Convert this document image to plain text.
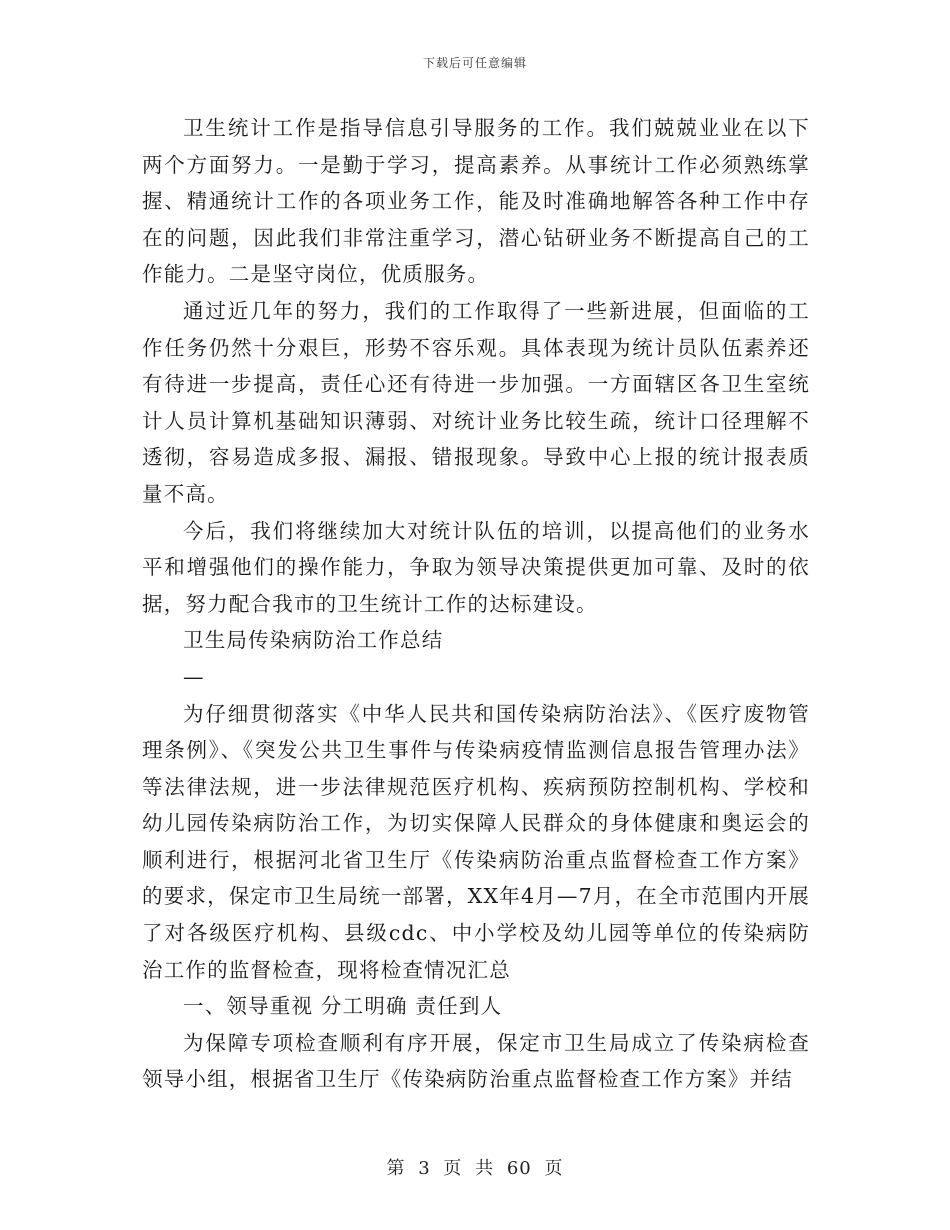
下载后可任意编辑

卫生统计工作是指导信息引导服务的工作。我们兢兢业业在以下两个方面努力。一是勤于学习，提高素养。从事统计工作必须熟练掌握、精通统计工作的各项业务工作，能及时准确地解答各种工作中存在的问题，因此我们非常注重学习，潜心钻研业务不断提高自己的工作能力。二是坚守岗位，优质服务。

通过近几年的努力，我们的工作取得了一些新进展，但面临的工作任务仍然十分艰巨，形势不容乐观。具体表现为统计员队伍素养还有待进一步提高，责任心还有待进一步加强。一方面辖区各卫生室统计人员计算机基础知识薄弱、对统计业务比较生疏，统计口径理解不透彻，容易造成多报、漏报、错报现象。导致中心上报的统计报表质量不高。

今后，我们将继续加大对统计队伍的培训，以提高他们的业务水平和增强他们的操作能力，争取为领导决策提供更加可靠、及时的依据，努力配合我市的卫生统计工作的达标建设。

卫生局传染病防治工作总结

—

为仔细贯彻落实《中华人民共和国传染病防治法》、《医疗废物管理条例》、《突发公共卫生事件与传染病疫情监测信息报告管理办法》等法律法规，进一步法律规范医疗机构、疾病预防控制机构、学校和幼儿园传染病防治工作，为切实保障人民群众的身体健康和奥运会的顺利进行，根据河北省卫生厅《传染病防治重点监督检查工作方案》的要求，保定市卫生局统一部署，XX年4月—7月，在全市范围内开展了对各级医疗机构、县级cdc、中小学校及幼儿园等单位的传染病防治工作的监督检查，现将检查情况汇总

一、领导重视 分工明确 责任到人

为保障专项检查顺利有序开展，保定市卫生局成立了传染病检查领导小组，根据省卫生厅《传染病防治重点监督检查工作方案》并结

第 3 页 共 60 页
